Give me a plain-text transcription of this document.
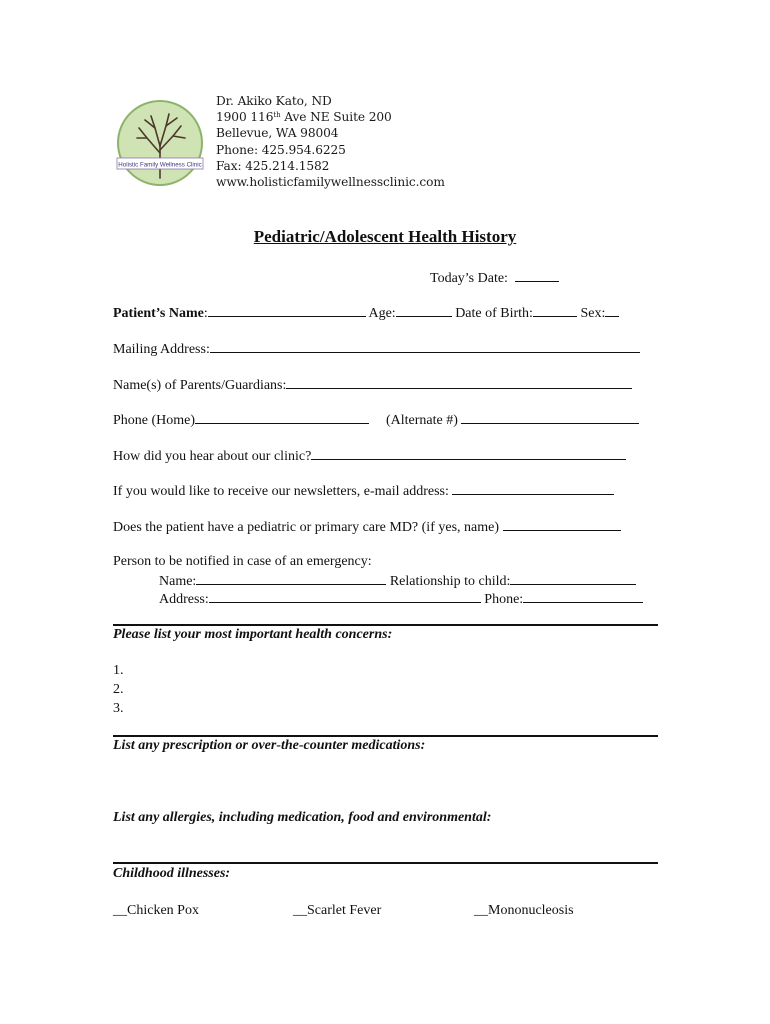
Holistic Family Wellness Clinic
Dr. Akiko Kato, ND
1900 116th Ave NE Suite 200
Bellevue, WA 98004
Phone: 425.954.6225
Fax: 425.214.1582
www.holisticfamilywellnessclinic.com
Pediatric/Adolescent Health History
Today’s Date:
Patient’s Name:	Age:	Date of Birth:	Sex:
Mailing Address:
Name(s) of Parents/Guardians:
Phone (Home)	(Alternate #)
How did you hear about our clinic?
If you would like to receive our newsletters, e-mail address:
Does the patient have a pediatric or primary care MD? (if yes, name)
Person to be notified in case of an emergency:
Name:	Relationship to child:
Address:	Phone:
Please list your most important health concerns:
1.
2.
3.
List any prescription or over-the-counter medications:
List any allergies, including medication, food and environmental:
Childhood illnesses:
__Chicken Pox	__Scarlet Fever	__Mononucleosis
